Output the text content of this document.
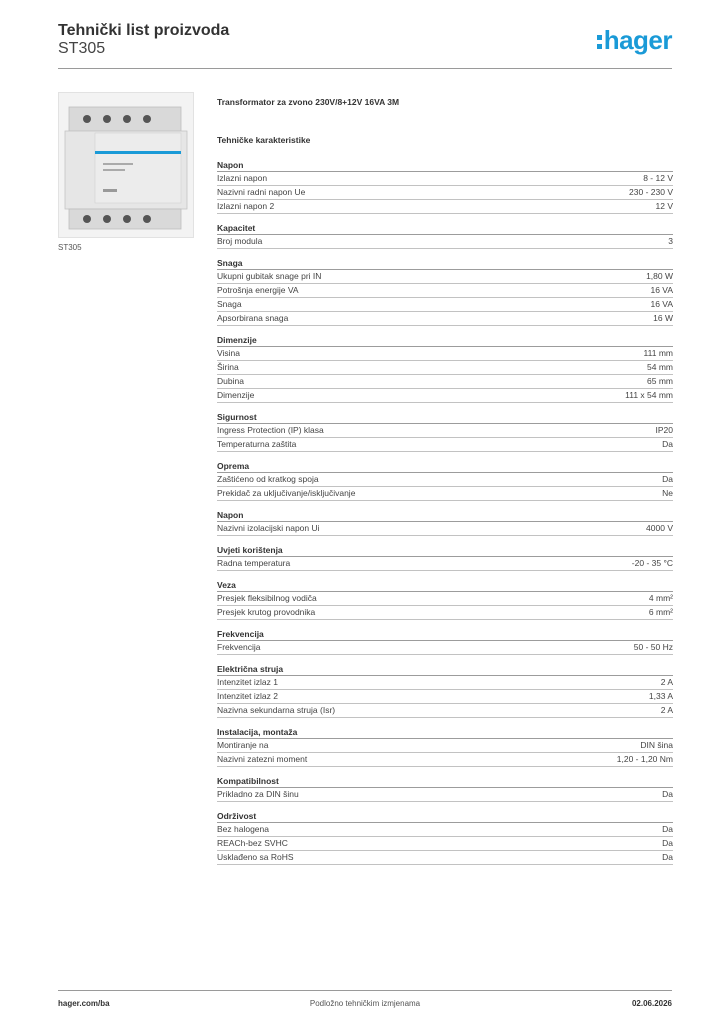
Tehnički list proizvoda
ST305	hager
ST305
Transformator za zvono 230V/8+12V 16VA 3M
Tehničke karakteristike
Napon
Izlazni napon	8 - 12 V
Nazivni radni napon Ue	230 - 230 V
Izlazni napon 2	12 V
Kapacitet
Broj modula	3
Snaga
Ukupni gubitak snage pri IN	1,80 W
Potrošnja energije VA	16 VA
Snaga	16 VA
Apsorbirana snaga	16 W
Dimenzije
Visina	111 mm
Širina	54 mm
Dubina	65 mm
Dimenzije	111 x 54 mm
Sigurnost
Ingress Protection (IP) klasa	IP20
Temperaturna zaštita	Da
Oprema
Zaštićeno od kratkog spoja	Da
Prekidač za uključivanje/isključivanje	Ne
Napon
Nazivni izolacijski napon Ui	4000 V
Uvjeti korištenja
Radna temperatura	-20 - 35 °C
Veza
Presjek fleksibilnog vodiča	4 mm²
Presjek krutog provodnika	6 mm²
Frekvencija
Frekvencija	50 - 50 Hz
Električna struja
Intenzitet izlaz 1	2 A
Intenzitet izlaz 2	1,33 A
Nazivna sekundarna struja (Isr)	2 A
Instalacija, montaža
Montiranje na	DIN šina
Nazivni zatezni moment	1,20 - 1,20 Nm
Kompatibilnost
Prikladno za DIN šinu	Da
Održivost
Bez halogena	Da
REACh-bez SVHC	Da
Usklađeno sa RoHS	Da
hager.com/ba	Podložno tehničkim izmjenama	02.06.2026
